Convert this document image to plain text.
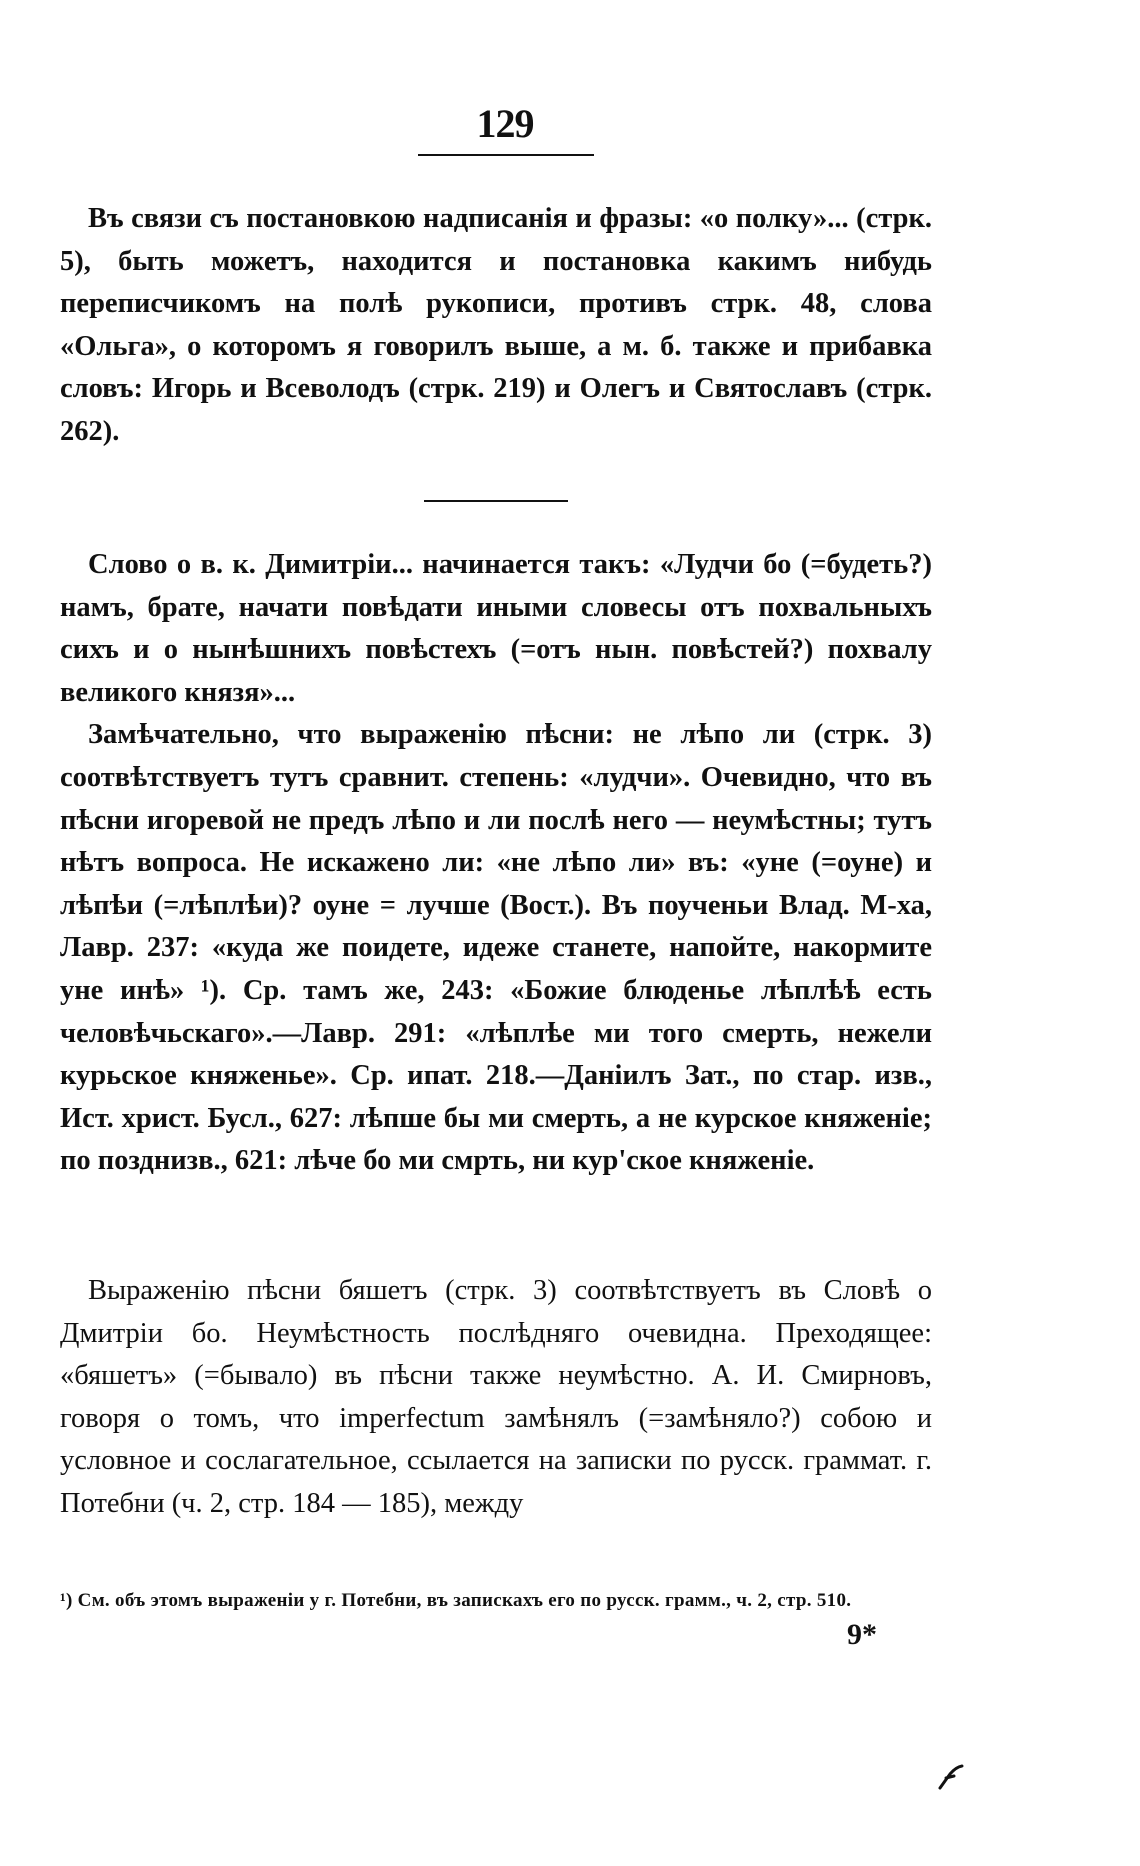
129

Въ связи съ постановкою надписанія и фразы: «о полку»... (стрк. 5), быть можетъ, находится и постановка какимъ нибудь переписчикомъ на полѣ рукописи, противъ стрк. 48, слова «Ольга», о которомъ я говорилъ выше, а м. б. также и прибавка словъ: Игорь и Всеволодъ (стрк. 219) и Олегъ и Святославъ (стрк. 262).

Слово о в. к. Димитріи... начинается такъ: «Лудчи бо (=будеть?) намъ, брате, начати повѣдати иными словесы отъ похвальныхъ сихъ и о нынѣшнихъ повѣстехъ (=отъ нын. повѣстей?) похвалу великого князя»...

Замѣчательно, что выраженію пѣсни: не лѣпо ли (стрк. 3) соотвѣтствуетъ тутъ сравнит. степень: «лудчи». Очевидно, что въ пѣсни игоревой не предъ лѣпо и ли послѣ него — неумѣстны; тутъ нѣтъ вопроса. Не искажено ли: «не лѣпо ли» въ: «уне (=оуне) и лѣпѣи (=лѣплѣи)? оуне = лучше (Вост.). Въ поученьи Влад. М-ха, Лавр. 237: «куда же поидете, идеже станете, напойте, накормите уне инѣ» ¹). Ср. тамъ же, 243: «Божие блюденье лѣплѣѣ есть человѣчьскаго».—Лавр. 291: «лѣплѣе ми того смерть, нежели курьское княженье». Ср. ипат. 218.—Даніилъ Зат., по стар. изв., Ист. христ. Бусл., 627: лѣпше бы ми смерть, а не курское княженіе; по позднизв., 621: лѣчe бо ми смрть, ни кур'ское княженіе.

Выраженію пѣсни бяшетъ (стрк. 3) соотвѣтствуетъ въ Словѣ о Дмитріи бо. Неумѣстность послѣдняго очевидна. Преходящее: «бяшетъ» (=бывало) въ пѣсни также неумѣстно. А. И. Смирновъ, говоря о томъ, что imperfectum замѣнялъ (=замѣняло?) собою и условное и сослагательное, ссылается на записки по русск. граммат. г. Потебни (ч. 2, стр. 184 — 185), между

¹) См. объ этомъ выраженіи у г. Потебни, въ запискахъ его по русск. грамм., ч. 2, стр. 510.

9*
